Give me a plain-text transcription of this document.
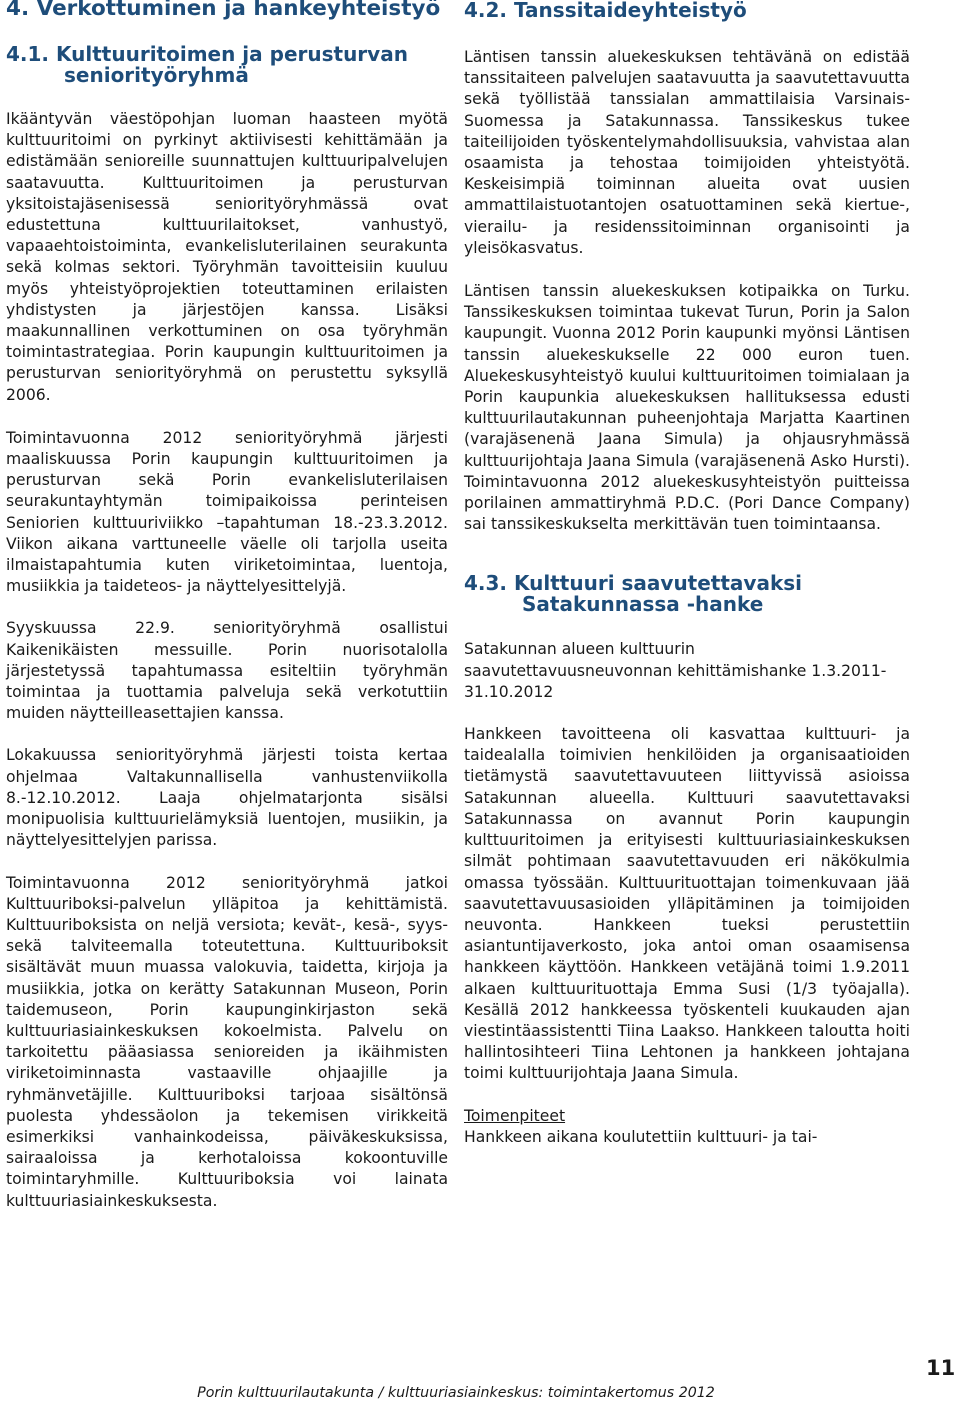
4. Verkottuminen ja hankeyhteistyö
4.1. Kulttuuritoimen ja perusturvan seniorityöryhmä

Ikääntyvän väestöpohjan luoman haasteen myötä kulttuuritoimi on pyrkinyt aktiivisesti kehittämään ja edistämään senioreille suunnattujen kulttuuripalvelujen saatavuutta. Kulttuuritoimen ja perusturvan yksitoistajäsenisessä seniorityöryhmässä ovat edustettuna kulttuurilaitokset, vanhustyö, vapaaehtoistoiminta, evankelisluterilainen seurakunta sekä kolmas sektori. Työryhmän tavoitteisiin kuuluu myös yhteistyöprojektien toteuttaminen erilaisten yhdistysten ja järjestöjen kanssa. Lisäksi maakunnallinen verkottuminen on osa työryhmän toimintastrategiaa. Porin kaupungin kulttuuritoimen ja perusturvan seniorityöryhmä on perustettu syksyllä 2006.

Toimintavuonna 2012 seniorityöryhmä järjesti maaliskuussa Porin kaupungin kulttuuritoimen ja perusturvan sekä Porin evankelisluterilaisen seurakuntayhtymän toimipaikoissa perinteisen Seniorien kulttuuriviikko –tapahtuman 18.-23.3.2012. Viikon aikana varttuneelle väelle oli tarjolla useita ilmaistapahtumia kuten viriketoimintaa, luentoja, musiikkia ja taideteos- ja näyttelyesittelyjä.

Syyskuussa 22.9. seniorityöryhmä osallistui Kaikenikäisten messuille. Porin nuorisotalolla järjestetyssä tapahtumassa esiteltiin työryhmän toimintaa ja tuottamia palveluja sekä verkotuttiin muiden näytteilleasettajien kanssa.

Lokakuussa seniorityöryhmä järjesti toista kertaa ohjelmaa Valtakunnallisella vanhustenviikolla 8.-12.10.2012. Laaja ohjelmatarjonta sisälsi monipuolisia kulttuurielämyksiä luentojen, musiikin, ja näyttelyesittelyjen parissa.

Toimintavuonna 2012 seniorityöryhmä jatkoi Kulttuuriboksi-palvelun ylläpitoa ja kehittämistä. Kulttuuriboksista on neljä versiota; kevät-, kesä-, syys- sekä talviteemalla toteutettuna. Kulttuuriboksit sisältävät muun muassa valokuvia, taidetta, kirjoja ja musiikkia, jotka on kerätty Satakunnan Museon, Porin taidemuseon, Porin kaupunginkirjaston sekä kulttuuriasiainkeskuksen kokoelmista. Palvelu on tarkoitettu pääasiassa senioreiden ja ikäihmisten viriketoiminnasta vastaaville ohjaajille ja ryhmänvetäjille. Kulttuuriboksi tarjoaa sisältönsä puolesta yhdessäolon ja tekemisen virikkeitä esimerkiksi vanhainkodeissa, päiväkeskuksissa, sairaaloissa ja kerhotaloissa kokoontuville toimintaryhmille. Kulttuuriboksia voi lainata kulttuuriasiainkeskuksesta.

4.2. Tanssitaideyhteistyö

Läntisen tanssin aluekeskuksen tehtävänä on edistää tanssitaiteen palvelujen saatavuutta ja saavutettavuutta sekä työllistää tanssialan ammattilaisia Varsinais-Suomessa ja Satakunnassa. Tanssikeskus tukee taiteilijoiden työskentelymahdollisuuksia, vahvistaa alan osaamista ja tehostaa toimijoiden yhteistyötä. Keskeisimpiä toiminnan alueita ovat uusien ammattilaistuotantojen osatuottaminen sekä kiertue-, vierailu- ja residenssitoiminnan organisointi ja yleisökasvatus.

Läntisen tanssin aluekeskuksen kotipaikka on Turku. Tanssikeskuksen toimintaa tukevat Turun, Porin ja Salon kaupungit. Vuonna 2012 Porin kaupunki myönsi Läntisen tanssin aluekeskukselle 22 000 euron tuen. Aluekeskusyhteistyö kuului kulttuuritoimen toimialaan ja Porin kaupunkia aluekeskuksen hallituksessa edusti kulttuurilautakunnan puheenjohtaja Marjatta Kaartinen (varajäsenenä Jaana Simula) ja ohjausryhmässä kulttuurijohtaja Jaana Simula (varajäsenenä Asko Hursti). Toimintavuonna 2012 aluekeskusyhteistyön puitteissa porilainen ammattiryhmä P.D.C. (Pori Dance Company) sai tanssikeskukselta merkittävän tuen toimintaansa.

4.3. Kulttuuri saavutettavaksi
Satakunnassa -hanke

Satakunnan alueen kulttuurin saavutettavuusneuvonnan kehittämishanke 1.3.2011-31.10.2012

Hankkeen tavoitteena oli kasvattaa kulttuuri- ja taidealalla toimivien henkilöiden ja organisaatioiden tietämystä saavutettavuuteen liittyvissä asioissa Satakunnan alueella. Kulttuuri saavutettavaksi Satakunnassa on avannut Porin kaupungin kulttuuritoimen ja erityisesti kulttuuriasiainkeskuksen silmät pohtimaan saavutettavuuden eri näkökulmia omassa työssään. Kulttuurituottajan toimenkuvaan jää saavutettavuusasioiden ylläpitäminen ja toimijoiden neuvonta. Hankkeen tueksi perustettiin asiantuntijaverkosto, joka antoi oman osaamisensa hankkeen käyttöön. Hankkeen vetäjänä toimi 1.9.2011 alkaen kulttuurituottaja Emma Susi (1/3 työajalla). Kesällä 2012 hankkeessa työskenteli kuukauden ajan viestintäassistentti Tiina Laakso. Hankkeen taloutta hoiti hallintosihteeri Tiina Lehtonen ja hankkeen johtajana toimi kulttuurijohtaja Jaana Simula.

Toimenpiteet

Hankkeen aikana koulutettiin kulttuuri- ja tai-

Porin kulttuurilautakunta / kulttuuriasiainkeskus: toimintakertomus 2012
11
